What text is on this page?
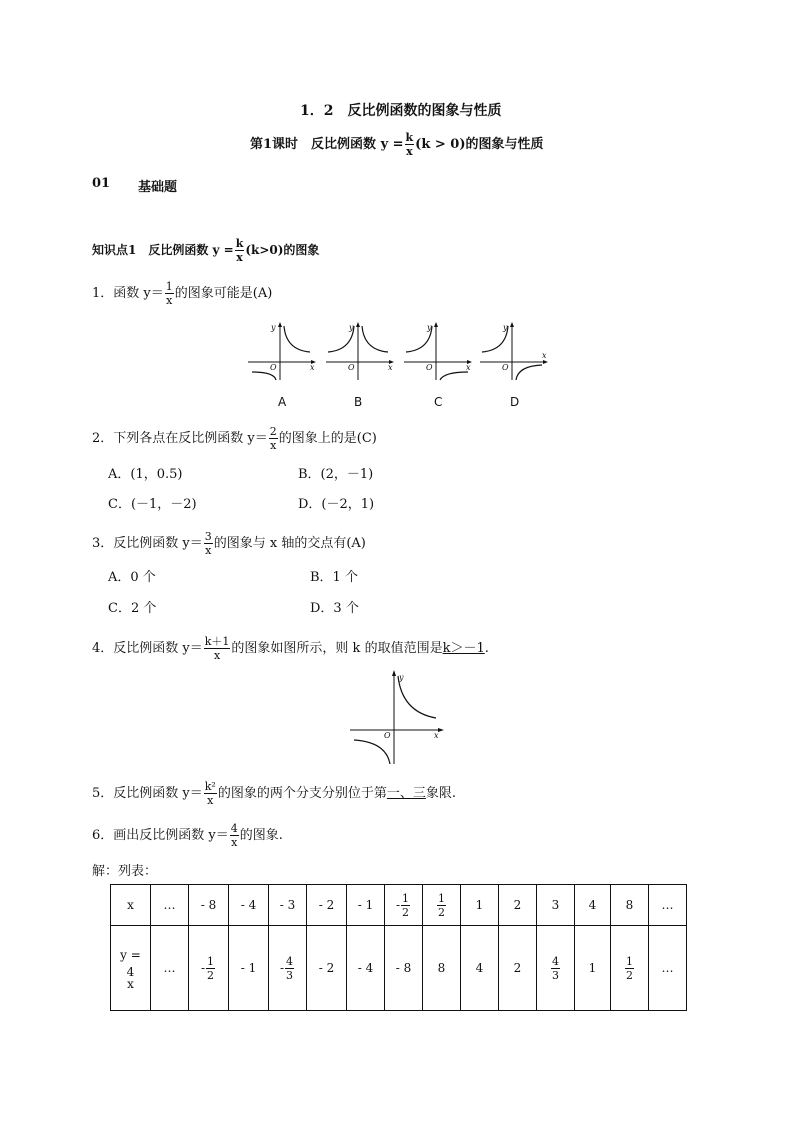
1．2　反比例函数的图象与性质
第1课时　反比例函数 $y = \frac{k}{x} (k > 0)$的图象与性质
01 基础题
知识点1　反比例函数 $y = \frac{k}{x} (k>0)$的图象
1．函数 $y= \frac{1}{x}$ 的图象可能是(A)
y
x
O
y
x
O
y
x
O
y
x
O
A	B	C	D
2．下列各点在反比例函数 $y= \frac{2}{x}$ 的图象上的是(C)
A．(1，0.5)	B．(2，－1)
C．(－1，－2)	D．(－2，1)
3．反比例函数 $y= \frac{3}{x}$ 的图象与 x 轴的交点有(A)
A．0 个	B．1 个
C．2 个	D．3 个
4．反比例函数 $y= \frac{k+1}{x}$ 的图象如图所示，则 k 的取值范围是k＞－1.
y
x
O
5．反比例函数 $y= \frac{\text{k²}}{x}$ 的图象的两个分支分别位于第一、三象限.
6．画出反比例函数 $y= \frac{4}{x}$ 的图象.
解：列表：
x	…	- 8	- 4	- 3	- 2	- 1	- $\frac{1}{2}$	$\frac{1}{2}$	1	2	3	4	8	…
y =

4
x	…	- $\frac{1}{2}$	- 1	- $\frac{4}{3}$	- 2	- 4	- 8	8	4	2	$\frac{4}{3}$	1	$\frac{1}{2}$	…
